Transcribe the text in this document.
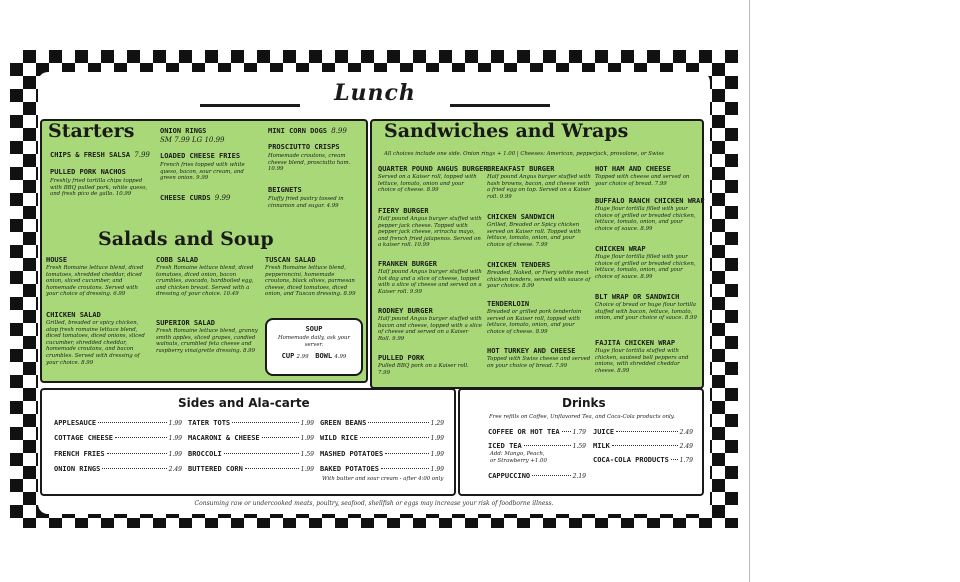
Lunch
Starters
CHIPS & FRESH SALSA 7.99
PULLED PORK NACHOS
Freshly fried tortilla chips topped with BBQ pulled pork, white queso, and fresh pico de gallo. 10.99
ONION RINGS
SM 7.99 LG 10.99
LOADED CHEESE FRIES
French fries topped with white queso, bacon, sour cream, and green onion. 9.99
CHEESE CURDS 9.99
MINI CORN DOGS 8.99
PROSCIUTTO CRISPS
Homemade croutons, cream cheese blend, prosciutto ham. 10.99
BEIGNETS
Fluffy fried pastry tossed in cinnamon and sugar. 4.99
Salads and Soup
HOUSE
Fresh Romaine lettuce blend, diced tomatoes, shredded cheddar, diced onion, sliced cucumber, and homemade croutons. Served with your choice of dressing. 6.99
CHICKEN SALAD
Grilled, breaded or spicy chicken, atop fresh romaine lettuce blend, diced tomatoes, diced onions, sliced cucumber, shredded cheddar, homemade croutons, and bacon crumbles. Served with dressing of your choice. 8.99
COBB SALAD
Fresh Romaine lettuce blend, diced tomatoes, diced onion, bacon crumbles, avocado, hardboiled egg, and chicken breast. Served with a dressing of your choice. 10.49
SUPERIOR SALAD
Fresh Romaine lettuce blend, granny smith apples, sliced grapes, candied walnuts, crumbled feta cheese and raspberry vinaigrette dressing. 8.99
TUSCAN SALAD
Fresh Romaine lettuce blend, pepperoncini, homemade croutons, black olives, parmesan cheese, diced tomatoes, diced onion, and Tuscan dressing. 8.99
SOUP
Homemade daily, ask your server.
CUP 2.99 BOWL 4.99
Sandwiches and Wraps
All choices include one side. Onion rings + 1.00 | Cheeses: American, pepperjack, provolone, or Swiss
QUARTER POUND ANGUS BURGER
Served on a Kaiser roll, topped with lettuce, tomato, onion and your choice of cheese. 8.99
FIERY BURGER
Half pound Angus burger stuffed with pepper jack cheese. Topped with pepper jack cheese, sriracha mayo, and french fried jalapenos. Served on a kaiser roll. 10.99
FRANKEN BURGER
Half pound Angus burger stuffed with hot dog and a slice of cheese, topped with a slice of cheese and served on a Kaiser roll. 9.99
RODNEY BURGER
Half pound Angus burger stuffed with bacon and cheese, topped with a slice of cheese and served on a Kaiser Roll. 9.99
PULLED PORK
Pulled BBQ pork on a Kaiser roll. 7.99
BREAKFAST BURGER
Half pound Angus burger stuffed with hash browns, bacon, and cheese with a fried egg on top. Served on a Kaiser roll. 9.99
CHICKEN SANDWICH
Grilled, Breaded or Spicy chicken served on Kaiser roll. Topped with lettuce, tomato, onion, and your choice of cheese. 7.99
CHICKEN TENDERS
Breaded, Naked, or Fiery white meat chicken tenders, served with sauce of your choice. 8.99
TENDERLOIN
Breaded or grilled pork tenderloin served on Kaiser roll, topped with lettuce, tomato, onion, and your choice of cheese. 8.99
HOT TURKEY AND CHEESE
Topped with Swiss cheese and served on your choice of bread. 7.99
HOT HAM AND CHEESE
Topped with cheese and served on your choice of bread. 7.99
BUFFALO RANCH CHICKEN WRAP
Huge flour tortilla filled with your choice of grilled or breaded chicken, lettuce, tomato, onion, and your choice of sauce. 8.99
CHICKEN WRAP
Huge flour tortilla filled with your choice of grilled or breaded chicken, lettuce, tomato, onion, and your choice of sauce. 8.99
BLT WRAP OR SANDWICH
Choice of bread or huge flour tortilla stuffed with bacon, lettuce, tomato, onion, and your choice of sauce. 8.99
FAJITA CHICKEN WRAP
Huge flour tortilla stuffed with chicken, sauteed bell peppers and onions, with shredded cheddar cheese. 8.99
Sides and Ala-carte
APPLESAUCE	1.99
COTTAGE CHEESE	1.99
FRENCH FRIES	1.99
ONION RINGS	2.49
TATER TOTS	1.99
MACARONI & CHEESE	1.99
BROCCOLI	1.59
BUTTERED CORN	1.99
GREEN BEANS	1.29
WILD RICE	1.99
MASHED POTATOES	1.99
BAKED POTATOES	1.99
With butter and sour cream - after 4:00 only
Drinks
Free refills on Coffee, Unflavored Tea, and Coca-Cola products only.
COFFEE OR HOT TEA 1.79
ICED TEA	1.59
Add: Mango, Peach, or Strawberry +1.00
CAPPUCCINO	2.19
JUICE	2.49
MILK	2.49
COCA-COLA PRODUCTS 1.79
Consuming raw or undercooked meats, poultry, seafood, shellfish or eggs may increase your risk of foodborne illness.
